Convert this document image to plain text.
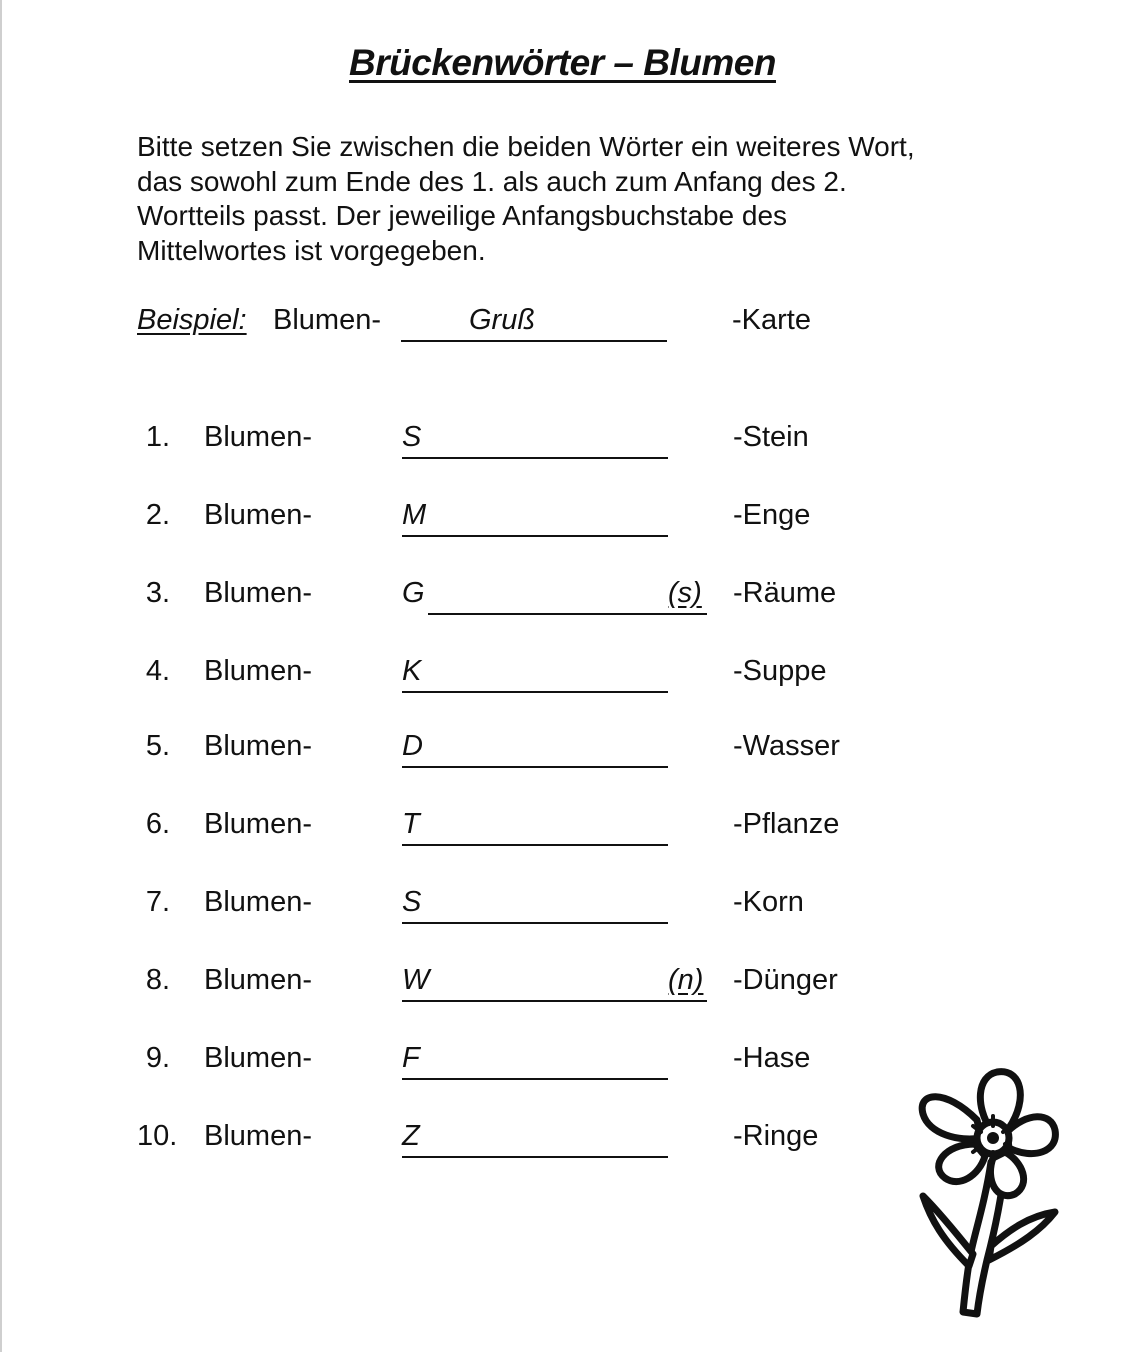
Brückenwörter – Blumen
Bitte setzen Sie zwischen die beiden Wörter ein weiteres Wort,
das sowohl zum Ende des 1. als auch zum Anfang des 2.
Wortteils passt. Der jeweilige Anfangsbuchstabe des
Mittelwortes ist vorgegeben.
Beispiel: Blumen-	Gruß	-Karte
1. Blumen-	S	-Stein
2. Blumen-	M	-Enge
3. Blumen-	G	(s) -Räume
4. Blumen-	K	-Suppe
5. Blumen-	D	-Wasser
6. Blumen-	T	-Pflanze
7. Blumen-	S	-Korn
8. Blumen-	W	(n) -Dünger
9. Blumen-	F	-Hase
10. Blumen-	Z	-Ringe
